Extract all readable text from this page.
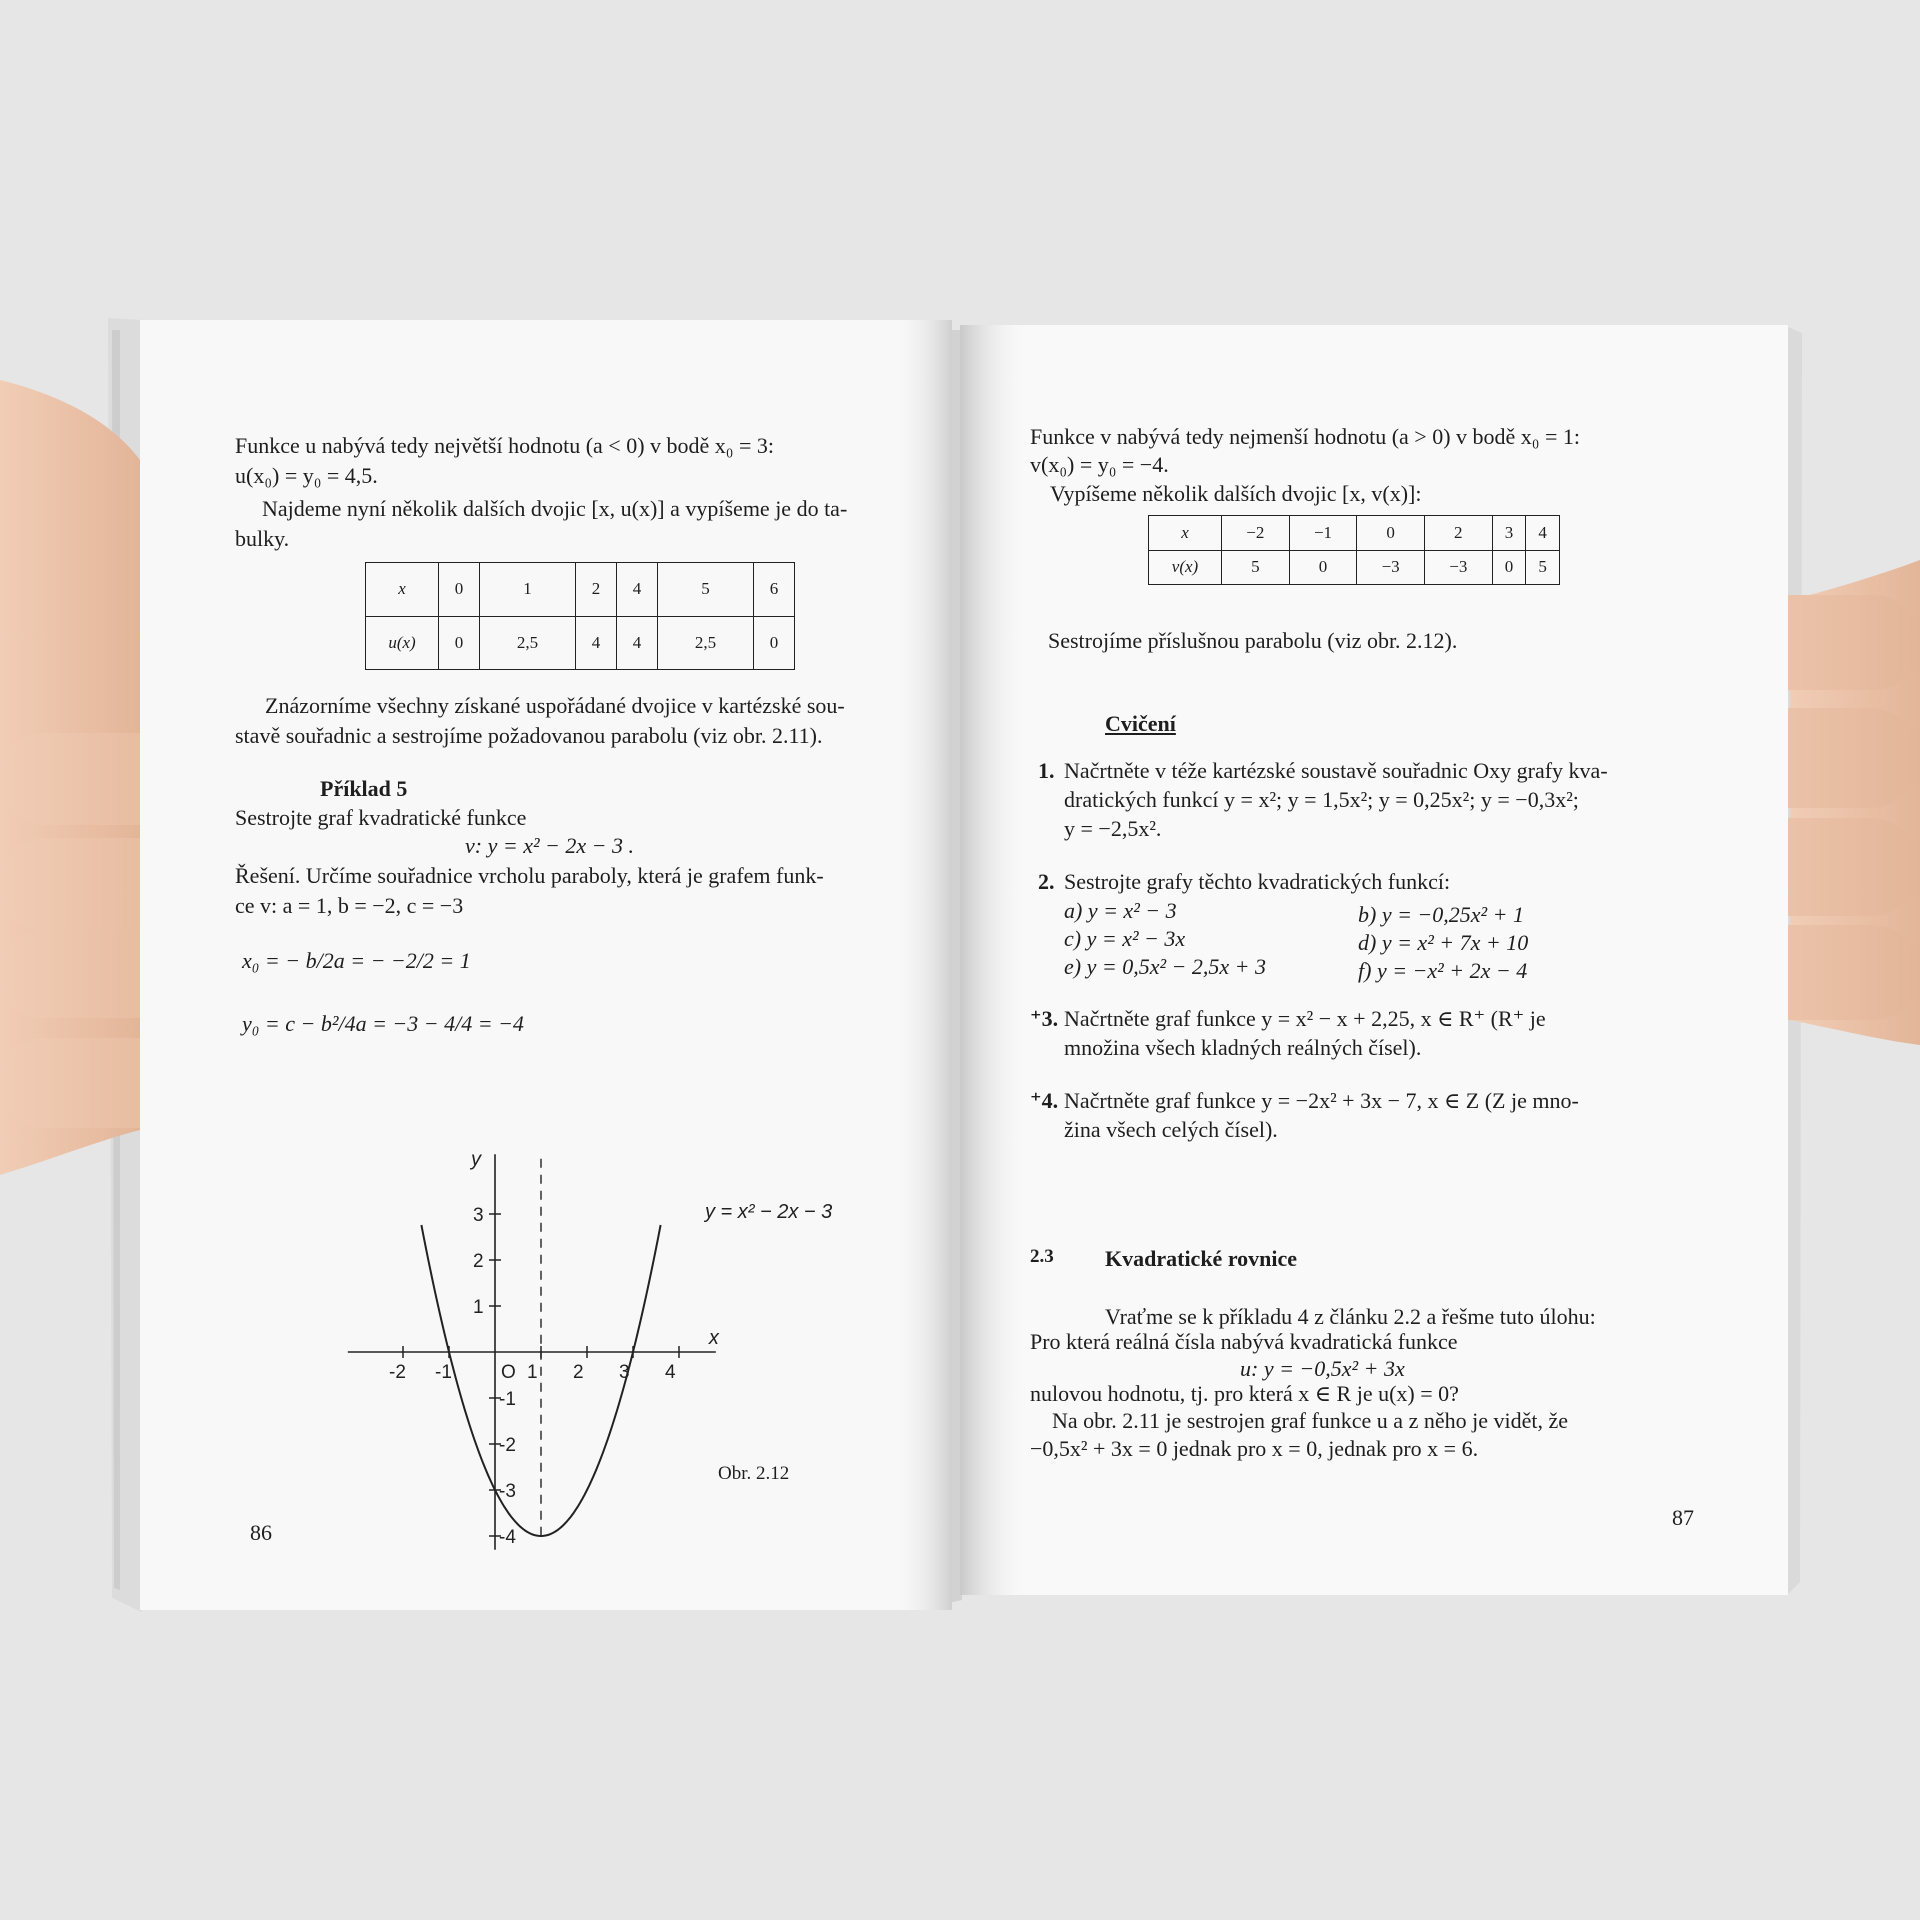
Funkce u nabývá tedy největší hodnotu (a < 0) v bodě x₀ = 3:
u(x₀) = y₀ = 4,5.
Najdeme nyní několik dalších dvojic [x, u(x)] a vypíšeme je do ta-
bulky.
x	0	1	2	4	5	6
u(x)	0	2,5	4	4	2,5	0
Znázorníme všechny získané uspořádané dvojice v kartézské sou-
stavě souřadnic a sestrojíme požadovanou parabolu (viz obr. 2.11).
Příklad 5
Sestrojte graf kvadratické funkce
v: y = x² − 2x − 3 .
Řešení. Určíme souřadnice vrcholu paraboly, která je grafem funk-
ce v: a = 1, b = −2, c = −3
x₀ = − b/2a = − −2/2 = 1
y₀ = c − b²/4a = −3 − 4/4 = −4
-2 -1	O 1 2 3 4
3
2
1
-1
-2
-3
-4
y = x² − 2x − 3
y
x
Obr. 2.12
86
Funkce v nabývá tedy nejmenší hodnotu (a > 0) v bodě x₀ = 1:
v(x₀) = y₀ = −4.
Vypíšeme několik dalších dvojic [x, v(x)]:
x	−2	−1	0	2	3	4
v(x)	5	0	−3	−3	0	5
Sestrojíme příslušnou parabolu (viz obr. 2.12).
Cvičení
1. Načrtněte v téže kartézské soustavě souřadnic Oxy grafy kva-
dratických funkcí y = x²; y = 1,5x²; y = 0,25x²; y = −0,3x²;
y = −2,5x².
2. Sestrojte grafy těchto kvadratických funkcí:
a) y = x² − 3	b) y = −0,25x² + 1
c) y = x² − 3x	d) y = x² + 7x + 10
e) y = 0,5x² − 2,5x + 3	f) y = −x² + 2x − 4
⁺3. Načrtněte graf funkce y = x² − x + 2,25, x ∈ R⁺ (R⁺ je
množina všech kladných reálných čísel).
⁺4. Načrtněte graf funkce y = −2x² + 3x − 7, x ∈ Z (Z je mno-
žina všech celých čísel).
2.3 Kvadratické rovnice
Vraťme se k příkladu 4 z článku 2.2 a řešme tuto úlohu:
Pro která reálná čísla nabývá kvadratická funkce
u: y = −0,5x² + 3x
nulovou hodnotu, tj. pro která x ∈ R je u(x) = 0?
Na obr. 2.11 je sestrojen graf funkce u a z něho je vidět, že
−0,5x² + 3x = 0 jednak pro x = 0, jednak pro x = 6.
87
